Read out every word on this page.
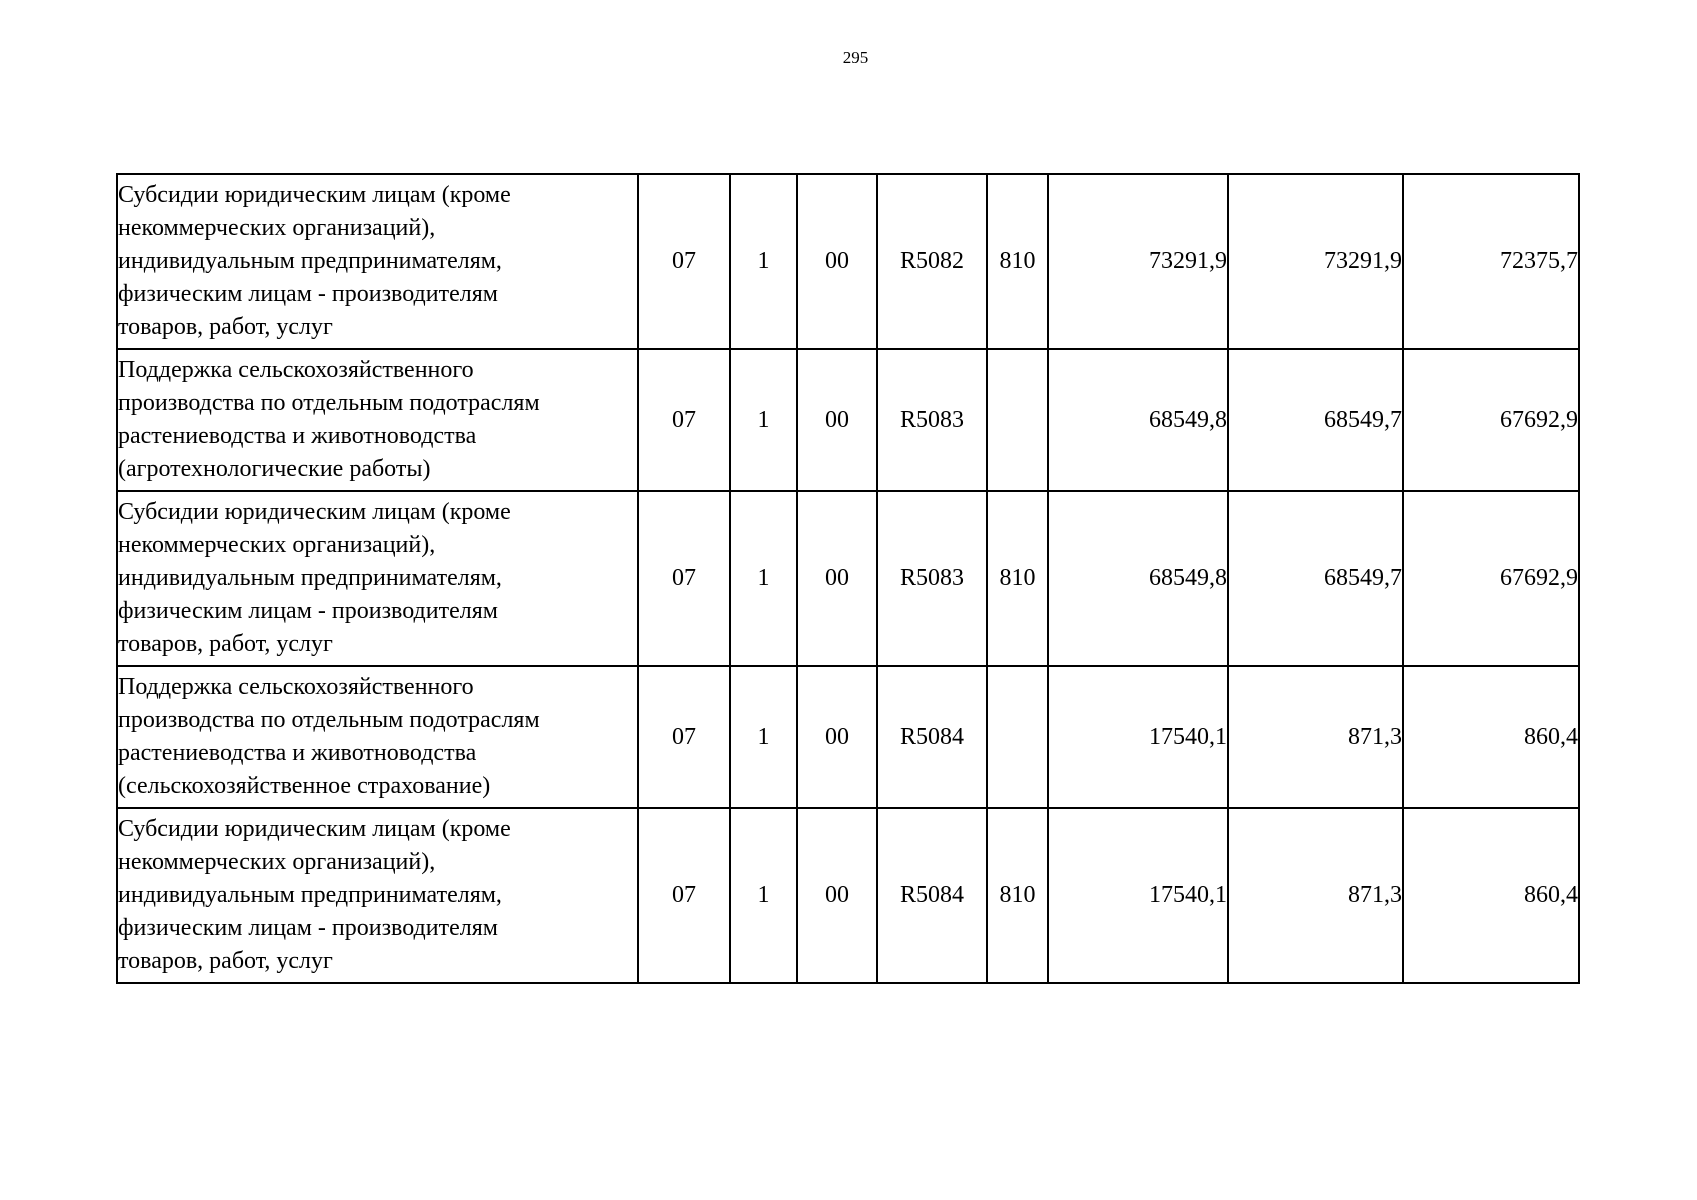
295
Субсидии юридическим лицам (кроме
некоммерческих организаций),
индивидуальным предпринимателям,
физическим лицам - производителям
товаров, работ, услуг	07	1	00	R5082	810	73291,9	73291,9	72375,7

Поддержка сельскохозяйственного
производства по отдельным подотраслям
растениеводства и животноводства
(агротехнологические работы)	07	1	00	R5083		68549,8	68549,7	67692,9

Субсидии юридическим лицам (кроме
некоммерческих организаций),
индивидуальным предпринимателям,
физическим лицам - производителям
товаров, работ, услуг	07	1	00	R5083	810	68549,8	68549,7	67692,9

Поддержка сельскохозяйственного
производства по отдельным подотраслям
растениеводства и животноводства
(сельскохозяйственное страхование)	07	1	00	R5084		17540,1	871,3	860,4

Субсидии юридическим лицам (кроме
некоммерческих организаций),
индивидуальным предпринимателям,
физическим лицам - производителям
товаров, работ, услуг	07	1	00	R5084	810	17540,1	871,3	860,4
